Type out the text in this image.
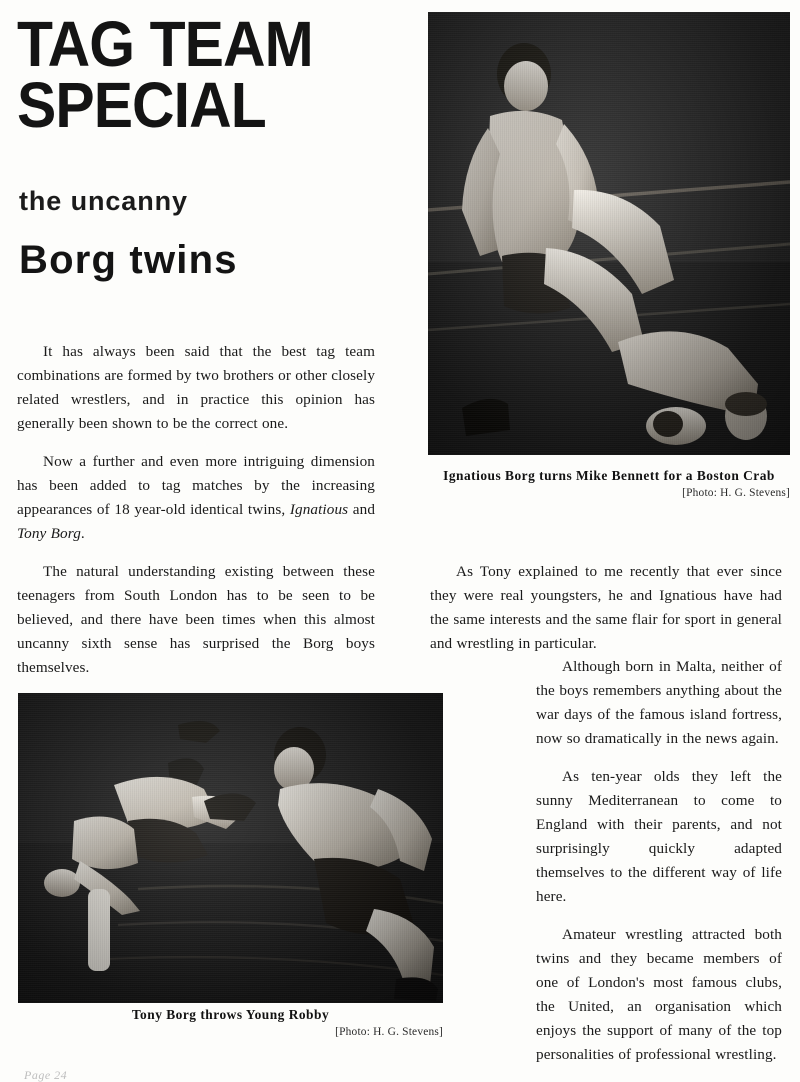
TAG TEAM
SPECIAL
the uncanny
Borg twins
Ignatious Borg turns Mike Bennett for a Boston Crab
[Photo: H. G. Stevens]

It has always been said that the best tag team combinations are formed by two brothers or other closely related wrestlers, and in practice this opinion has generally been shown to be the correct one.

Now a further and even more intriguing dimension has been added to tag matches by the increasing appearances of 18 year-old identical twins, Ignatious and Tony Borg.

The natural understanding existing between these teenagers from South London has to be seen to be believed, and there have been times when this almost uncanny sixth sense has surprised the Borg boys themselves.

As Tony explained to me recently that ever since they were real youngsters, he and Ignatious have had the same interests and the same flair for sport in general and wrestling in particular.

Although born in Malta, neither of the boys remembers anything about the war days of the famous island fortress, now so dramatically in the news again.

As ten-year olds they left the sunny Mediterranean to come to England with their parents, and not surprisingly quickly adapted themselves to the different way of life here.

Amateur wrestling attracted both twins and they became members of one of London's most famous clubs, the United, an organisation which enjoys the support of many of the top personalities of professional wrestling.

Tony Borg throws Young Robby
[Photo: H. G. Stevens]
Page 24
